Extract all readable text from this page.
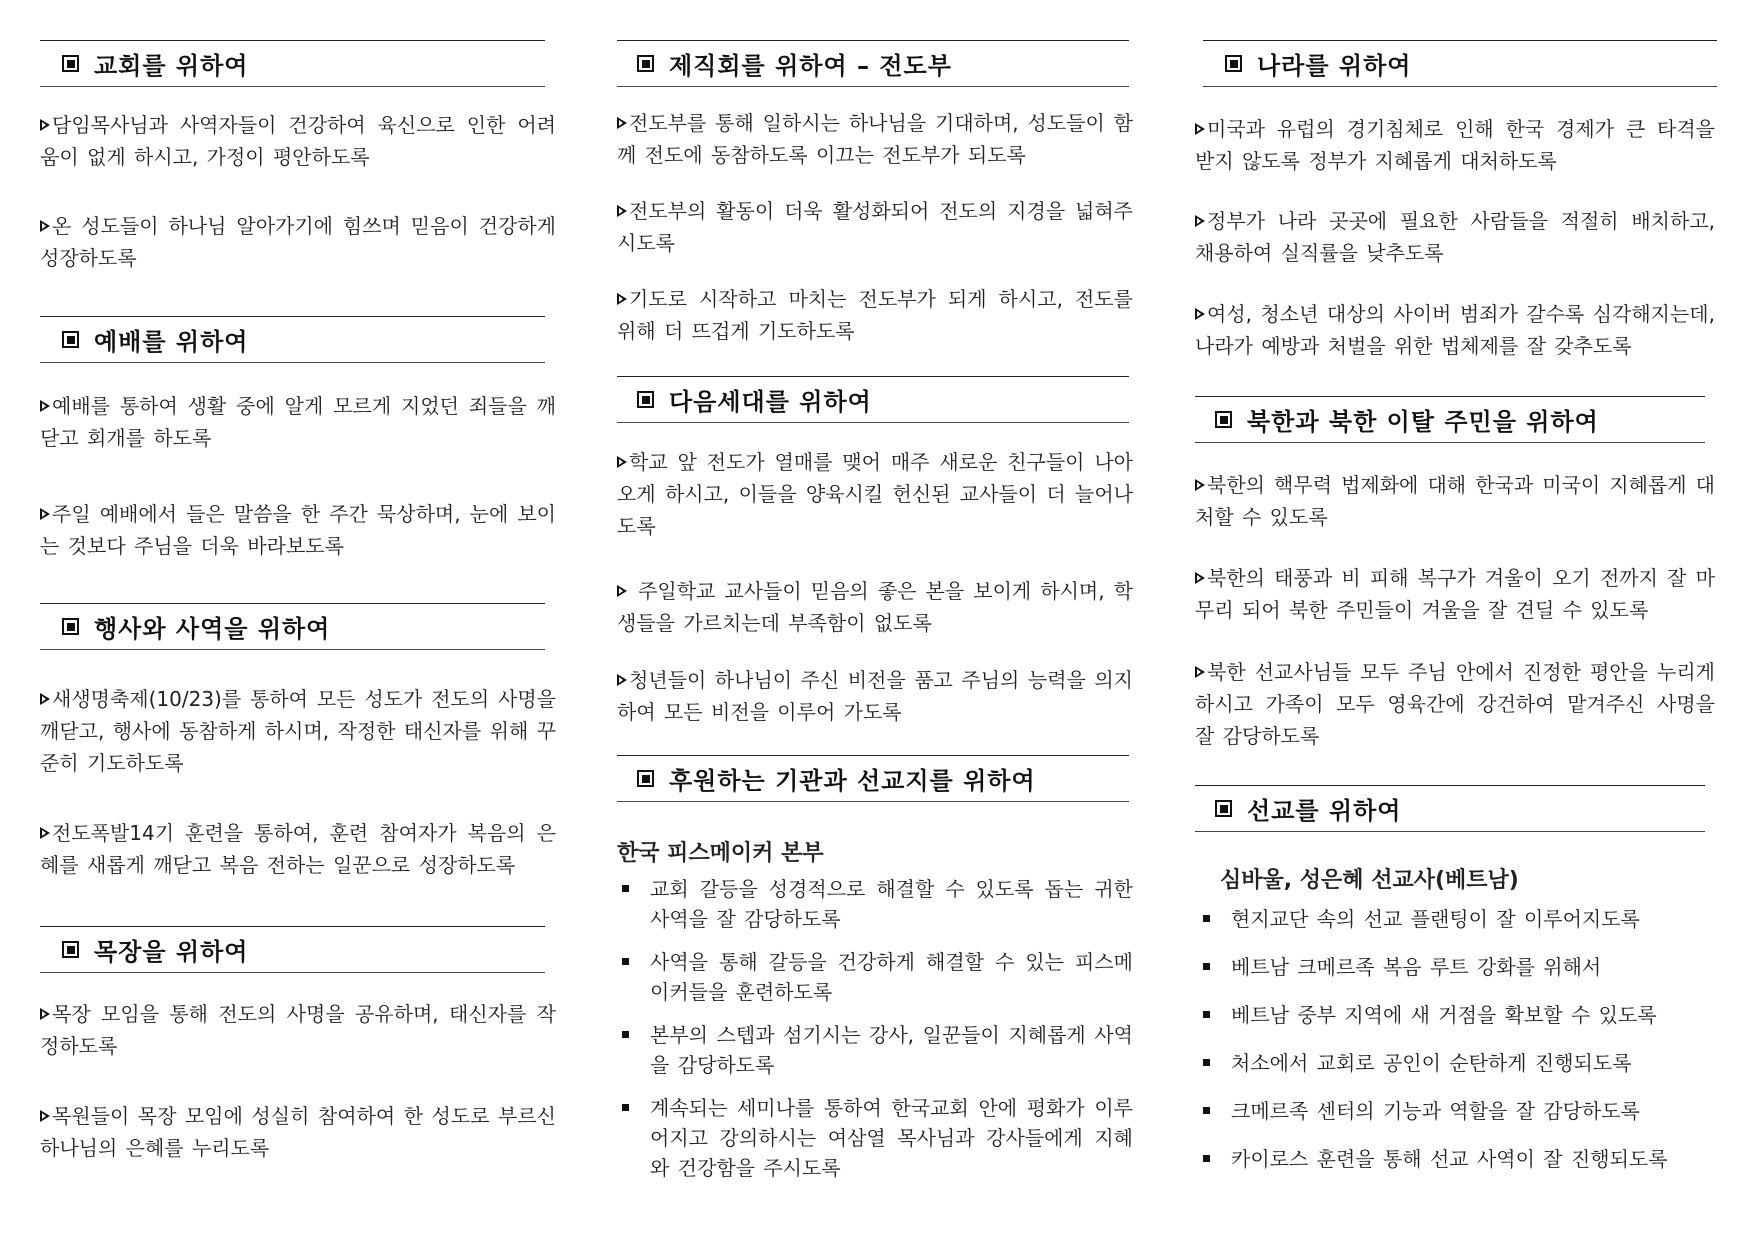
교회를 위하여
담임목사님과 사역자들이 건강하여 육신으로 인한 어려움이 없게 하시고, 가정이 평안하도록
온 성도들이 하나님 알아가기에 힘쓰며 믿음이 건강하게 성장하도록
예배를 위하여
예배를 통하여 생활 중에 알게 모르게 지었던 죄들을 깨닫고 회개를 하도록
주일 예배에서 들은 말씀을 한 주간 묵상하며, 눈에 보이는 것보다 주님을 더욱 바라보도록
행사와 사역을 위하여
새생명축제(10/23)를 통하여 모든 성도가 전도의 사명을 깨닫고, 행사에 동참하게 하시며, 작정한 태신자를 위해 꾸준히 기도하도록
전도폭발14기 훈련을 통하여, 훈련 참여자가 복음의 은혜를 새롭게 깨닫고 복음 전하는 일꾼으로 성장하도록
목장을 위하여
목장 모임을 통해 전도의 사명을 공유하며, 태신자를 작정하도록
목원들이 목장 모임에 성실히 참여하여 한 성도로 부르신 하나님의 은혜를 누리도록
제직회를 위하여 – 전도부
전도부를 통해 일하시는 하나님을 기대하며, 성도들이 함께 전도에 동참하도록 이끄는 전도부가 되도록
전도부의 활동이 더욱 활성화되어 전도의 지경을 넓혀주시도록
기도로 시작하고 마치는 전도부가 되게 하시고, 전도를 위해 더 뜨겁게 기도하도록
다음세대를 위하여
학교 앞 전도가 열매를 맺어 매주 새로운 친구들이 나아오게 하시고, 이들을 양육시킬 헌신된 교사들이 더 늘어나도록
주일학교 교사들이 믿음의 좋은 본을 보이게 하시며, 학생들을 가르치는데 부족함이 없도록
청년들이 하나님이 주신 비전을 품고 주님의 능력을 의지하여 모든 비전을 이루어 가도록
후원하는 기관과 선교지를 위하여
한국 피스메이커 본부
교회 갈등을 성경적으로 해결할 수 있도록 돕는 귀한 사역을 잘 감당하도록
사역을 통해 갈등을 건강하게 해결할 수 있는 피스메이커들을 훈련하도록
본부의 스텝과 섬기시는 강사, 일꾼들이 지혜롭게 사역을 감당하도록
계속되는 세미나를 통하여 한국교회 안에 평화가 이루어지고 강의하시는 여삼열 목사님과 강사들에게 지혜와 건강함을 주시도록
나라를 위하여
미국과 유럽의 경기침체로 인해 한국 경제가 큰 타격을 받지 않도록 정부가 지혜롭게 대처하도록
정부가 나라 곳곳에 필요한 사람들을 적절히 배치하고, 채용하여 실직률을 낮추도록
여성, 청소년 대상의 사이버 범죄가 갈수록 심각해지는데, 나라가 예방과 처벌을 위한 법체제를 잘 갖추도록
북한과 북한 이탈 주민을 위하여
북한의 핵무력 법제화에 대해 한국과 미국이 지혜롭게 대처할 수 있도록
북한의 태풍과 비 피해 복구가 겨울이 오기 전까지 잘 마무리 되어 북한 주민들이 겨울을 잘 견딜 수 있도록
북한 선교사님들 모두 주님 안에서 진정한 평안을 누리게 하시고 가족이 모두 영육간에 강건하여 맡겨주신 사명을 잘 감당하도록
선교를 위하여
심바울, 성은혜 선교사(베트남)
현지교단 속의 선교 플랜팅이 잘 이루어지도록
베트남 크메르족 복음 루트 강화를 위해서
베트남 중부 지역에 새 거점을 확보할 수 있도록
처소에서 교회로 공인이 순탄하게 진행되도록
크메르족 센터의 기능과 역할을 잘 감당하도록
카이로스 훈련을 통해 선교 사역이 잘 진행되도록
